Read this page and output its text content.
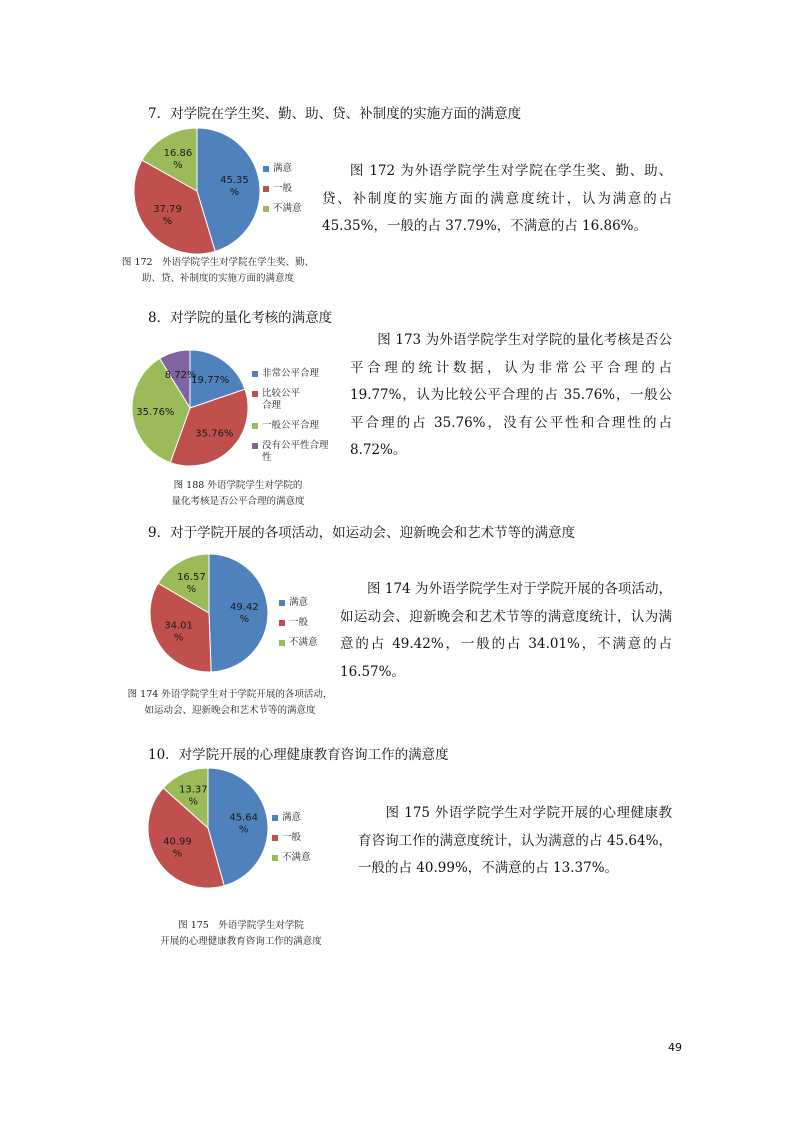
7．对学院在学生奖、勤、助、贷、补制度的实施方面的满意度
45.35 %
37.79 %
16.86 %	满意
一般
不满意
图 172　外语学院学生对学院在学生奖、勤、
助、贷、补制度的实施方面的满意度
图 172 为外语学院学生对学院在学生奖、勤、助、贷、补制度的实施方面的满意度统计，认为满意的占 45.35%，一般的占 37.79%，不满意的占 16.86%。
8．对学院的量化考核的满意度
19.77%
35.76%
35.76%
8.72%	非常公平合理
比较公平
合理
一般公平合理
没有公平性合理
性
图 188 外语学院学生对学院的
量化考核是否公平合理的满意度
图 173 为外语学院学生对学院的量化考核是否公平合理的统计数据，认为非常公平合理的占 19.77%，认为比较公平合理的占 35.76%，一般公平合理的占 35.76%，没有公平性和合理性的占 8.72%。
9．对于学院开展的各项活动，如运动会、迎新晚会和艺术节等的满意度
49.42 %
34.01 %
16.57 %
满意
一般
不满意
图 174 外语学院学生对于学院开展的各项活动，
如运动会、迎新晚会和艺术节等的满意度
图 174 为外语学院学生对于学院开展的各项活动，如运动会、迎新晚会和艺术节等的满意度统计，认为满意的占 49.42%，一般的占 34.01%，不满意的占 16.57%。
10．对学院开展的心理健康教育咨询工作的满意度
45.64 %
40.99 %
13.37 %
满意
一般
不满意
图 175　外语学院学生对学院
开展的心理健康教育咨询工作的满意度
图 175 外语学院学生对学院开展的心理健康教育咨询工作的满意度统计，认为满意的占 45.64%，一般的占 40.99%，不满意的占 13.37%。
49
